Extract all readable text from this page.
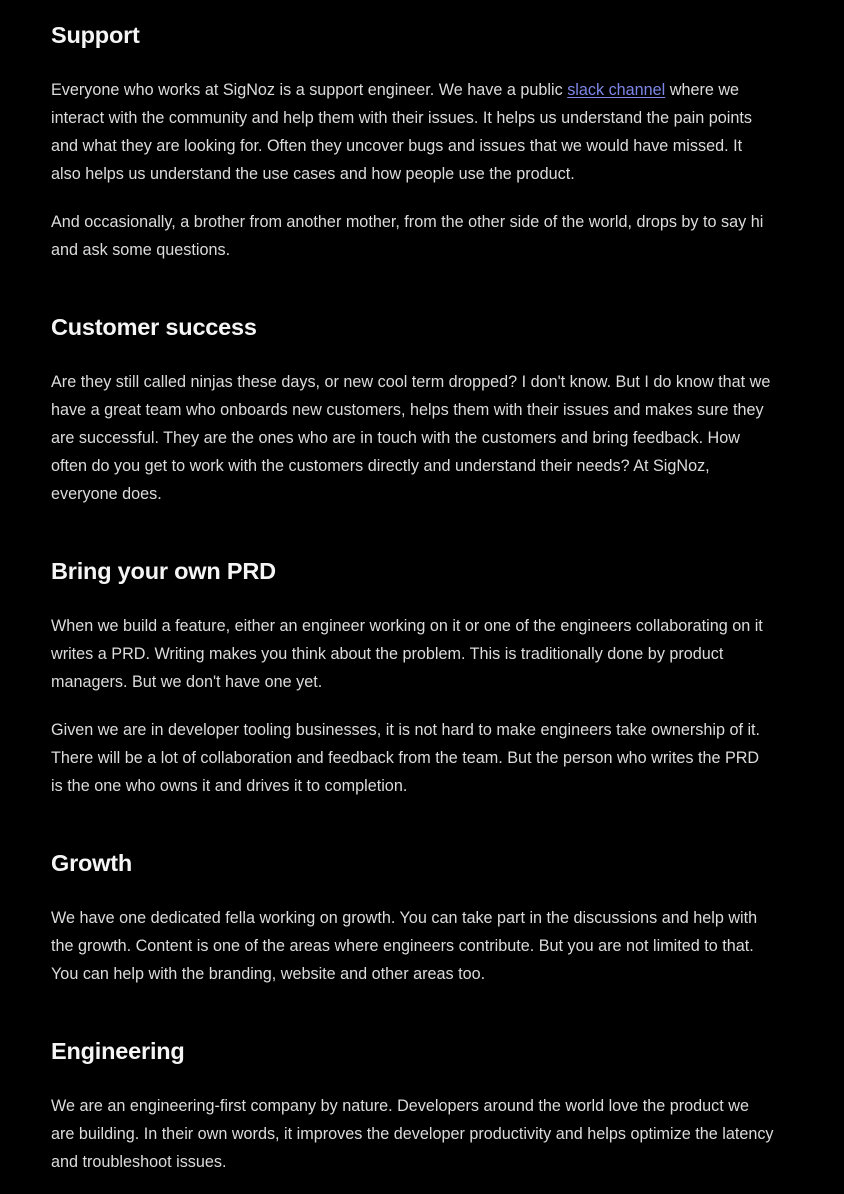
Support

Everyone who works at SigNoz is a support engineer. We have a public slack channel where we interact with the community and help them with their issues. It helps us understand the pain points and what they are looking for. Often they uncover bugs and issues that we would have missed. It also helps us understand the use cases and how people use the product.

And occasionally, a brother from another mother, from the other side of the world, drops by to say hi and ask some questions.

Customer success

Are they still called ninjas these days, or new cool term dropped? I don't know. But I do know that we have a great team who onboards new customers, helps them with their issues and makes sure they are successful. They are the ones who are in touch with the customers and bring feedback. How often do you get to work with the customers directly and understand their needs? At SigNoz, everyone does.

Bring your own PRD

When we build a feature, either an engineer working on it or one of the engineers collaborating on it writes a PRD. Writing makes you think about the problem. This is traditionally done by product managers. But we don't have one yet.

Given we are in developer tooling businesses, it is not hard to make engineers take ownership of it. There will be a lot of collaboration and feedback from the team. But the person who writes the PRD is the one who owns it and drives it to completion.

Growth

We have one dedicated fella working on growth. You can take part in the discussions and help with the growth. Content is one of the areas where engineers contribute. But you are not limited to that. You can help with the branding, website and other areas too.

Engineering

We are an engineering-first company by nature. Developers around the world love the product we are building. In their own words, it improves the developer productivity and helps optimize the latency and troubleshoot issues.
